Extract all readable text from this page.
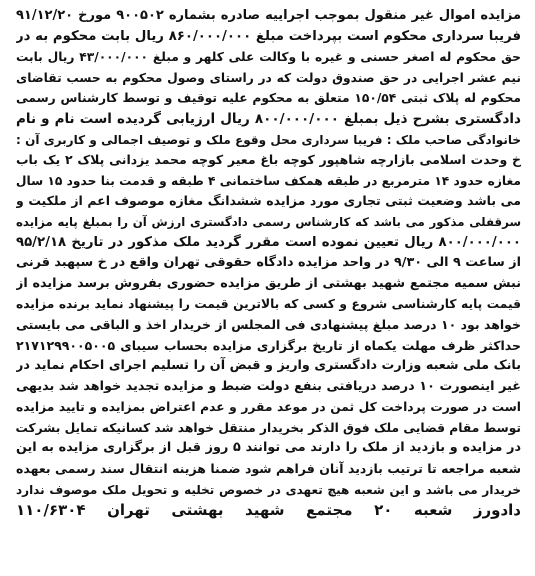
مزایده اموال غیر منقول بموجب اجراییه صادره بشماره ۹۰۰۵۰۲ مورخ ۹۱/۱۲/۲۰
فریبا سرداری محکوم است بپرداخت مبلغ ۸۶۰/۰۰۰/۰۰۰ ریال بابت محکوم به در
حق محکوم له اصغر حسنی و غیره با وکالت علی کلهر و مبلغ ۴۳/۰۰۰/۰۰۰ ریال بابت
نیم عشر اجرایی در حق صندوق دولت که در راستای وصول محکوم به حسب تقاضای
محکوم له پلاک ثبتی ۱۵۰/۵۴ متعلق به محکوم علیه توقیف و توسط کارشناس رسمی
دادگستری بشرح ذیل بمبلغ ۸۰۰/۰۰۰/۰۰۰ ریال ارزیابی گردیده است نام و نام
خانوادگی صاحب ملک : فریبا سرداری محل وقوع ملک و توصیف اجمالی و کاربری آن :
خ وحدت اسلامی بازارچه شاهپور کوچه باغ معیر کوچه محمد یزدانی پلاک ۲ یک باب
مغازه حدود ۱۴ مترمربع در طبقه همکف ساختمانی ۴ طبقه و قدمت بنا حدود ۱۵ سال
می باشد وضعیت ثبتی تجاری مورد مزایده ششدانگ مغازه موصوف اعم از ملکیت و
سرقفلی مذکور می باشد که کارشناس رسمی دادگستری ارزش آن را بمبلغ پایه مزایده
۸۰۰/۰۰۰/۰۰۰ ریال تعیین نموده است مقرر گردید ملک مذکور در تاریخ ۹۵/۲/۱۸
از ساعت ۹ الی ۹/۳۰ در واحد مزایده دادگاه حقوقی تهران واقع در خ سپهبد قرنی
نبش سمیه مجتمع شهید بهشتی از طریق مزایده حضوری بفروش برسد مزایده از
قیمت پایه کارشناسی شروع و کسی که بالاترین قیمت را پیشنهاد نماید برنده مزایده
خواهد بود ۱۰ درصد مبلغ پیشنهادی فی المجلس از خریدار اخذ و الباقی می بایستی
حداکثر ظرف مهلت یکماه از تاریخ برگزاری مزایده بحساب سیبای ۲۱۷۱۲۹۹۰۰۵۰۰۵
بانک ملی شعبه وزارت دادگستری واریز و قبض آن را تسلیم اجرای احکام نماید در
غیر اینصورت ۱۰ درصد دریافتی بنفع دولت ضبط و مزایده تجدید خواهد شد بدیهی
است در صورت پرداخت کل ثمن در موعد مقرر و عدم اعتراض بمزایده و تایید مزایده
توسط مقام قضایی ملک فوق الذکر بخریدار منتقل خواهد شد کسانیکه تمایل بشرکت
در مزایده و بازدید از ملک را دارند می توانند ۵ روز قبل از برگزاری مزایده به این
شعبه مراجعه تا ترتیب بازدید آنان فراهم شود ضمنا هزینه انتقال سند رسمی بعهده
خریدار می باشد و این شعبه هیچ تعهدی در خصوص تخلیه و تحویل ملک موصوف ندارد
دادورز شعبه ۲۰ مجتمع شهید بهشتی تهران ۱۱۰/۶۳۰۴
